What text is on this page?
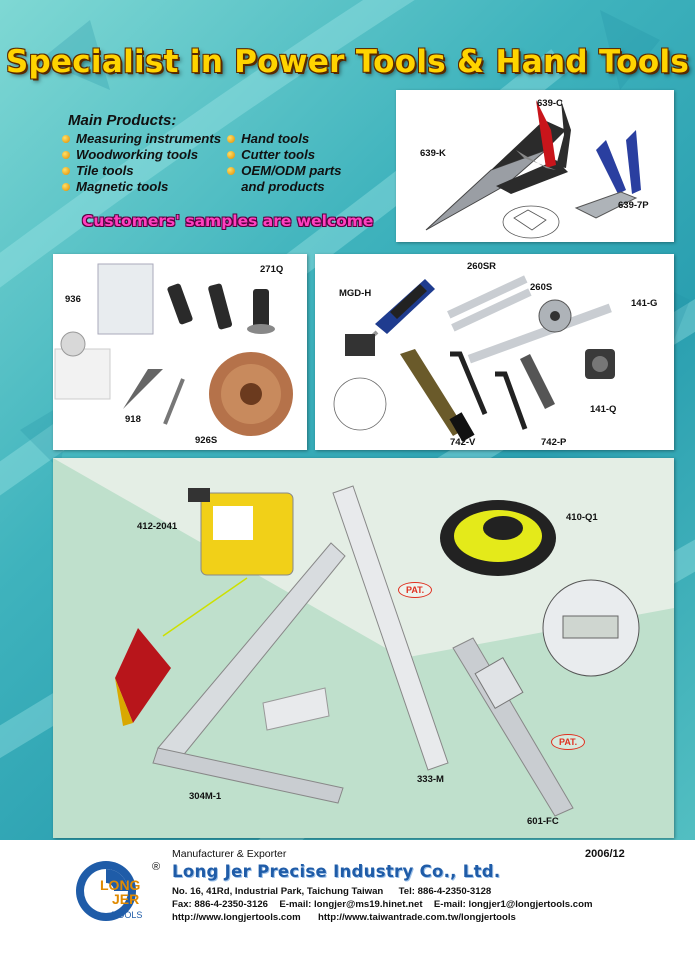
Specialist in Power Tools & Hand Tools
Main Products:
Measuring instruments
Woodworking tools
Tile tools
Magnetic tools
Hand tools
Cutter tools
OEM/ODM parts
and products
Customers' samples are welcome
639-C
639-K
639-7P
271Q
936
918
926S
260SR
MGD-H
260S
141-G
141-Q
742-V	742-P
412-2041
410-Q1
304M-1
333-M
601-FC
PAT.
PAT.
2006/12
LONG
JER
TOOLS
®
Manufacturer & Exporter
Long Jer Precise Industry Co., Ltd.
No. 16, 41Rd, Industrial Park, Taichung Taiwan Tel: 886-4-2350-3128
Fax: 886-4-2350-3126 E-mail: longjer@ms19.hinet.net E-mail: longjer1@longjertools.com
http://www.longjertools.com http://www.taiwantrade.com.tw/longjertools
